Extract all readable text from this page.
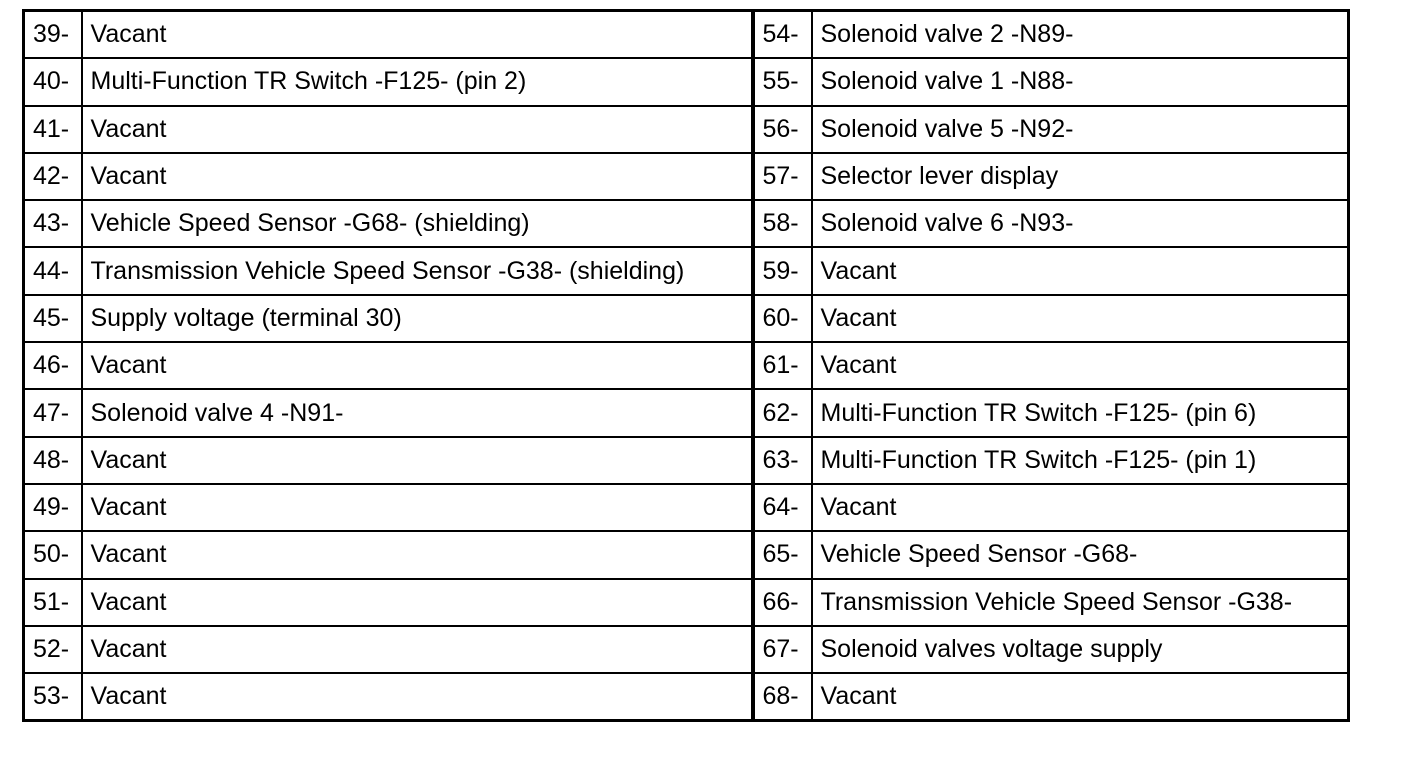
39-	Vacant	54-	Solenoid valve 2 -N89-
40-	Multi-Function TR Switch -F125- (pin 2)	55-	Solenoid valve 1 -N88-
41-	Vacant	56-	Solenoid valve 5 -N92-
42-	Vacant	57-	Selector lever display
43-	Vehicle Speed Sensor -G68- (shielding)	58-	Solenoid valve 6 -N93-
44-	Transmission Vehicle Speed Sensor -G38- (shielding)	59-	Vacant
45-	Supply voltage (terminal 30)	60-	Vacant
46-	Vacant	61-	Vacant
47-	Solenoid valve 4 -N91-	62-	Multi-Function TR Switch -F125- (pin 6)
48-	Vacant	63-	Multi-Function TR Switch -F125- (pin 1)
49-	Vacant	64-	Vacant
50-	Vacant	65-	Vehicle Speed Sensor -G68-
51-	Vacant	66-	Transmission Vehicle Speed Sensor -G38-
52-	Vacant	67-	Solenoid valves voltage supply
53-	Vacant	68-	Vacant
